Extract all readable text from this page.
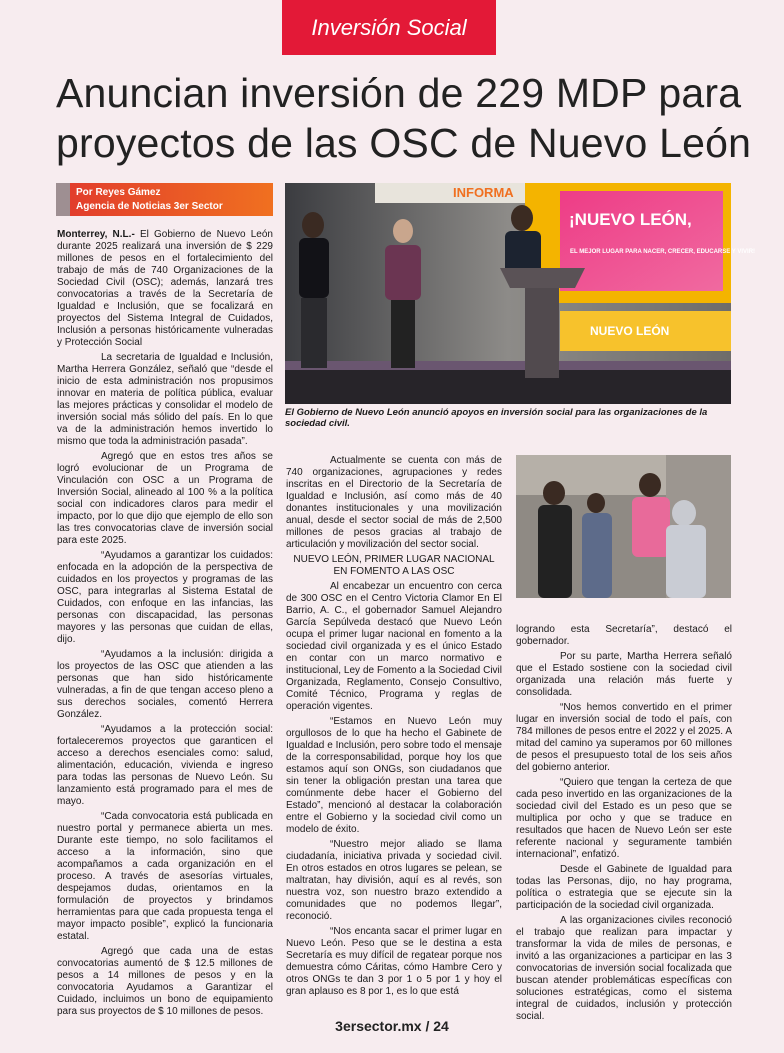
Inversión Social
Anuncian inversión de 229 MDP para proyectos de las OSC de Nuevo León
Por Reyes Gámez
Agencia de Noticias 3er Sector
INFORMA
¡NUEVO LEÓN,
EL MEJOR LUGAR PARA NACER, CRECER, EDUCARSE Y VIVIR!
NUEVO LEÓN
El Gobierno de Nuevo León anunció apoyos en inversión social para las organizaciones de la sociedad civil.

Monterrey, N.L.- El Gobierno de Nuevo León durante 2025 realizará una inversión de $ 229 millones de pesos en el fortalecimiento del trabajo de más de 740 Organizaciones de la Sociedad Civil (OSC); además, lanzará tres convocatorias a través de la Secretaría de Igualdad e Inclusión, que se focalizará en proyectos del Sistema Integral de Cuidados, Inclusión a personas históricamente vulneradas y Protección Social

La secretaria de Igualdad e Inclusión, Martha Herrera González, señaló que “desde el inicio de esta administración nos propusimos innovar en materia de política pública, evaluar las mejores prácticas y consolidar el modelo de inversión social más sólido del país. En lo que va de la administración hemos invertido lo mismo que toda la administración pasada”.

Agregó que en estos tres años se logró evolucionar de un Programa de Vinculación con OSC a un Programa de Inversión Social, alineado al 100 % a la política social con indicadores claros para medir el impacto, por lo que dijo que ejemplo de ello son las tres convocatorias clave de inversión social para este 2025.

“Ayudamos a garantizar los cuidados: enfocada en la adopción de la perspectiva de cuidados en los proyectos y programas de las OSC, para integrarlas al Sistema Estatal de Cuidados, con enfoque en las infancias, las personas con discapacidad, las personas mayores y las personas que cuidan de ellas, dijo.

“Ayudamos a la inclusión: dirigida a los proyectos de las OSC que atienden a las personas que han sido históricamente vulneradas, a fin de que tengan acceso pleno a sus derechos sociales, comentó Herrera González.

“Ayudamos a la protección social: fortaleceremos proyectos que garanticen el acceso a derechos esenciales como: salud, alimentación, educación, vivienda e ingreso para todas las personas de Nuevo León. Su lanzamiento está programado para el mes de mayo.

“Cada convocatoria está publicada en nuestro portal y permanece abierta un mes. Durante este tiempo, no solo facilitamos el acceso a la información, sino que acompañamos a cada organización en el proceso. A través de asesorías virtuales, despejamos dudas, orientamos en la formulación de proyectos y brindamos herramientas para que cada propuesta tenga el mayor impacto posible”, explicó la funcionaria estatal.

Agregó que cada una de estas convocatorias aumentó de $ 12.5 millones de pesos a 14 millones de pesos y en la convocatoria Ayudamos a Garantizar el Cuidado, incluimos un bono de equipamiento para sus proyectos de $ 10 millones de pesos.

Actualmente se cuenta con más de 740 organizaciones, agrupaciones y redes inscritas en el Directorio de la Secretaría de Igualdad e Inclusión, así como más de 40 donantes institucionales y una movilización anual, desde el sector social de más de 2,500 millones de pesos gracias al trabajo de articulación y movilización del sector social.

NUEVO LEÓN, PRIMER LUGAR NACIONAL EN FOMENTO A LAS OSC

Al encabezar un encuentro con cerca de 300 OSC en el Centro Victoria Clamor En El Barrio, A. C., el gobernador Samuel Alejandro García Sepúlveda destacó que Nuevo León ocupa el primer lugar nacional en fomento a la sociedad civil organizada y es el único Estado en contar con un marco normativo e institucional, Ley de Fomento a la Sociedad Civil Organizada, Reglamento, Consejo Consultivo, Comité Técnico, Programa y reglas de operación vigentes.

“Estamos en Nuevo León muy orgullosos de lo que ha hecho el Gabinete de Igualdad e Inclusión, pero sobre todo el mensaje de la corresponsabilidad, porque hoy los que estamos aquí son ONGs, son ciudadanos que sin tener la obligación prestan una tarea que comúnmente debe hacer el Gobierno del Estado”, mencionó al destacar la colaboración entre el Gobierno y la sociedad civil como un modelo de éxito.

“Nuestro mejor aliado se llama ciudadanía, iniciativa privada y sociedad civil. En otros estados en otros lugares se pelean, se maltratan, hay división, aquí es al revés, son nuestra voz, son nuestro brazo extendido a comunidades que no podemos llegar”, reconoció.

“Nos encanta sacar el primer lugar en Nuevo León. Peso que se le destina a esta Secretaría es muy difícil de regatear porque nos demuestra cómo Cáritas, cómo Hambre Cero y otros ONGs te dan 3 por 1 o 5 por 1 y hoy el gran aplauso es 8 por 1, es lo que está

logrando esta Secretaría”, destacó el gobernador.

Por su parte, Martha Herrera señaló que el Estado sostiene con la sociedad civil organizada una relación más fuerte y consolidada.

“Nos hemos convertido en el primer lugar en inversión social de todo el país, con 784 millones de pesos entre el 2022 y el 2025. A mitad del camino ya superamos por 60 millones de pesos el presupuesto total de los seis años del gobierno anterior.

“Quiero que tengan la certeza de que cada peso invertido en las organizaciones de la sociedad civil del Estado es un peso que se multiplica por ocho y que se traduce en resultados que hacen de Nuevo León ser este referente nacional y seguramente también internacional”, enfatizó.

Desde el Gabinete de Igualdad para todas las Personas, dijo, no hay programa, política o estrategia que se ejecute sin la participación de la sociedad civil organizada.

A las organizaciones civiles reconoció el trabajo que realizan para impactar y transformar la vida de miles de personas, e invitó a las organizaciones a participar en las 3 convocatorias de inversión social focalizada que buscan atender problemáticas específicas con soluciones estratégicas, como el sistema integral de cuidados, inclusión y protección social.

3ersector.mx / 24
